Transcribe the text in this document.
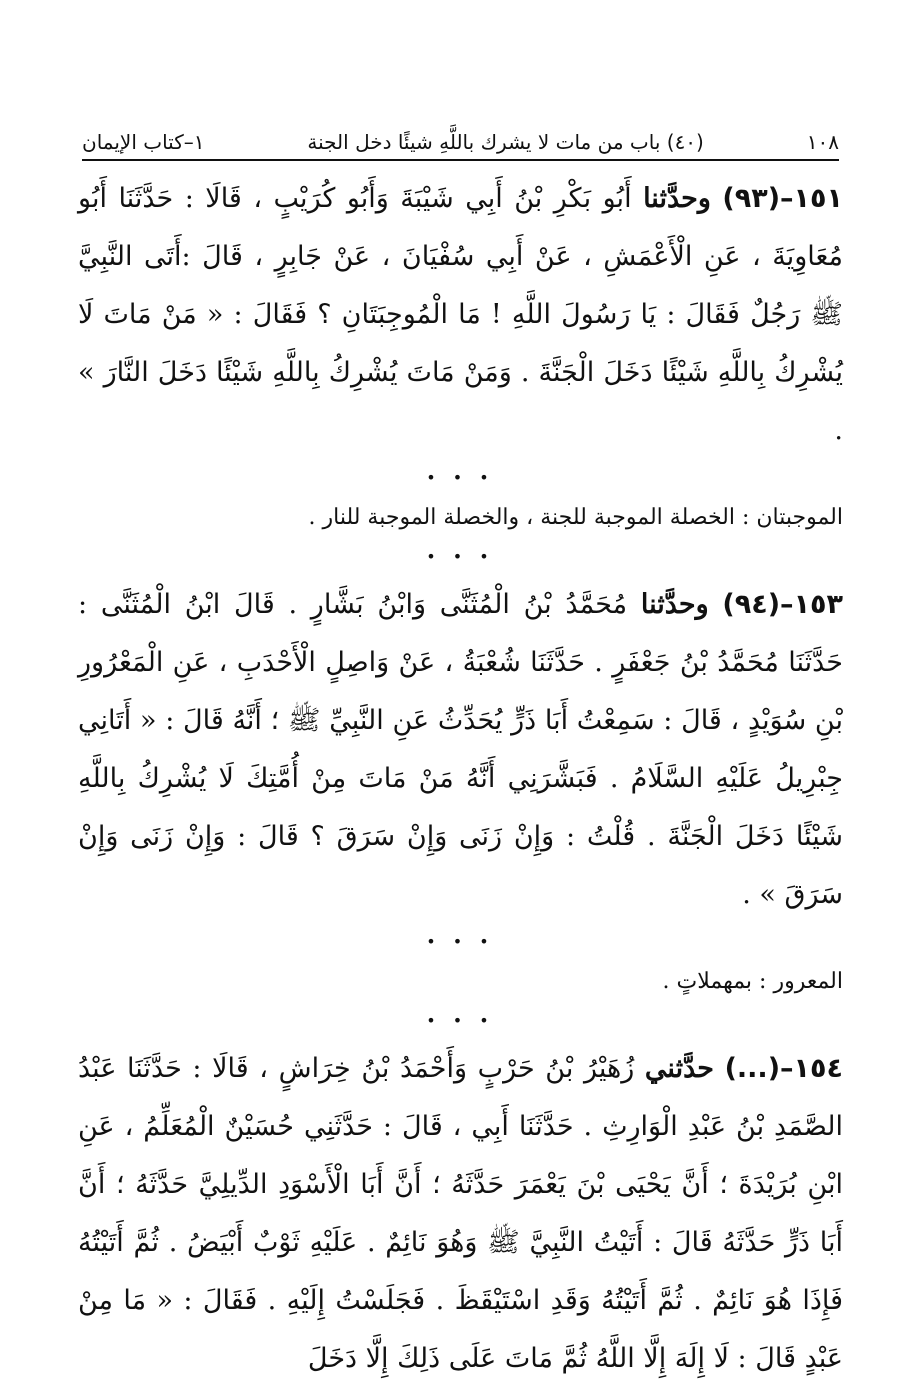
١٠٨
(٤٠) باب من مات لا يشرك باللَّهِ شيئًا دخل الجنة
١–كتاب الإيمان

١٥١–(٩٣) وحدَّثنا أَبُو بَكْرِ بْنُ أَبِي شَيْبَةَ وَأَبُو كُرَيْبٍ ، قَالَا : حَدَّثَنَا أَبُو مُعَاوِيَةَ ، عَنِ الْأَعْمَشِ ، عَنْ أَبِي سُفْيَانَ ، عَنْ جَابِرٍ ، قَالَ :أَتَى النَّبِيَّ ﷺ رَجُلٌ فَقَالَ : يَا رَسُولَ اللَّهِ ! مَا الْمُوجِبَتَانِ ؟ فَقَالَ : « مَنْ مَاتَ لَا يُشْرِكُ بِاللَّهِ شَيْئًا دَخَلَ الْجَنَّةَ . وَمَنْ مَاتَ يُشْرِكُ بِاللَّهِ شَيْئًا دَخَلَ النَّارَ » .

• • •

الموجبتان : الخصلة الموجبة للجنة ، والخصلة الموجبة للنار .

• • •

١٥٣–(٩٤) وحدَّثنا مُحَمَّدُ بْنُ الْمُثَنَّى وَابْنُ بَشَّارٍ . قَالَ ابْنُ الْمُثَنَّى : حَدَّثَنَا مُحَمَّدُ بْنُ جَعْفَرٍ . حَدَّثَنَا شُعْبَةُ ، عَنْ وَاصِلٍ الْأَحْدَبِ ، عَنِ الْمَعْرُورِ بْنِ سُوَيْدٍ ، قَالَ : سَمِعْتُ أَبَا ذَرٍّ يُحَدِّثُ عَنِ النَّبِيِّ ﷺ ؛ أَنَّهُ قَالَ : « أَتَانِي جِبْرِيلُ عَلَيْهِ السَّلَامُ . فَبَشَّرَنِي أَنَّهُ مَنْ مَاتَ مِنْ أُمَّتِكَ لَا يُشْرِكُ بِاللَّهِ شَيْئًا دَخَلَ الْجَنَّةَ . قُلْتُ : وَإِنْ زَنَى وَإِنْ سَرَقَ ؟ قَالَ : وَإِنْ زَنَى وَإِنْ سَرَقَ » .

• • •

المعرور : بمهملاتٍ .

• • •

١٥٤–(...) حدَّثني زُهَيْرُ بْنُ حَرْبٍ وَأَحْمَدُ بْنُ خِرَاشٍ ، قَالَا : حَدَّثَنَا عَبْدُ الصَّمَدِ بْنُ عَبْدِ الْوَارِثِ . حَدَّثَنَا أَبِي ، قَالَ : حَدَّثَنِي حُسَيْنٌ الْمُعَلِّمُ ، عَنِ ابْنِ بُرَيْدَةَ ؛ أَنَّ يَحْيَى بْنَ يَعْمَرَ حَدَّثَهُ ؛ أَنَّ أَبَا الْأَسْوَدِ الدِّيلِيَّ حَدَّثَهُ ؛ أَنَّ أَبَا ذَرٍّ حَدَّثَهُ قَالَ : أَتَيْتُ النَّبِيَّ ﷺ وَهُوَ نَائِمٌ . عَلَيْهِ ثَوْبٌ أَبْيَضُ . ثُمَّ أَتَيْتُهُ فَإِذَا هُوَ نَائِمٌ . ثُمَّ أَتَيْتُهُ وَقَدِ اسْتَيْقَظَ . فَجَلَسْتُ إِلَيْهِ . فَقَالَ : « مَا مِنْ عَبْدٍ قَالَ : لَا إِلَهَ إِلَّا اللَّهُ ثُمَّ مَاتَ عَلَى ذَلِكَ إِلَّا دَخَلَ
